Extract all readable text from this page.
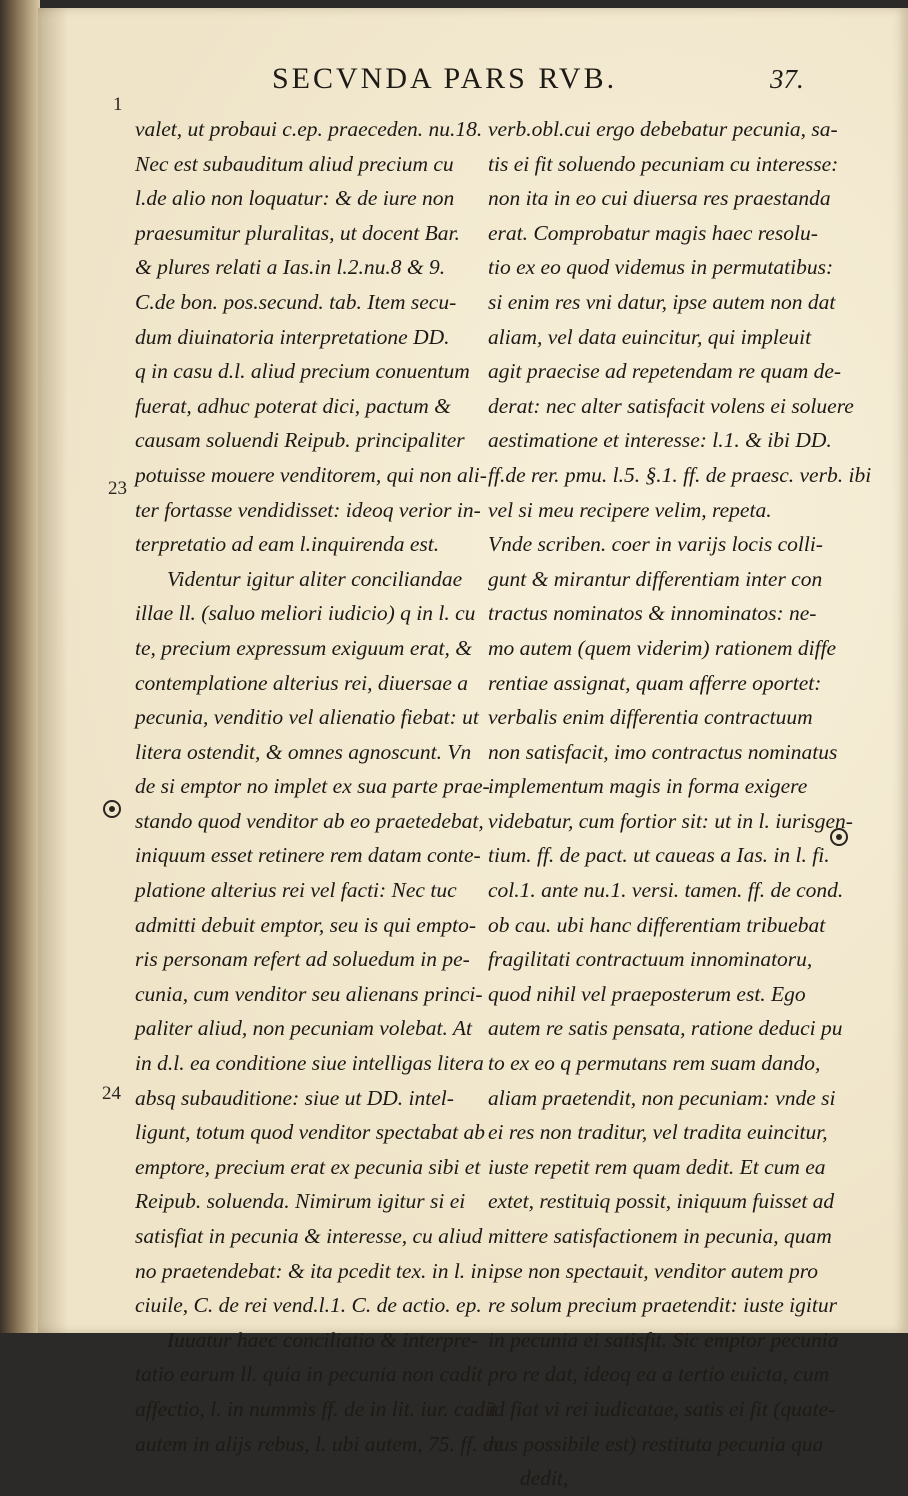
SECVNDA PARS RVB.	37.
1
23
24
valet, ut probaui c.ep. praeceden. nu.18.
Nec est subauditum aliud precium cu
l.de alio non loquatur: & de iure non
praesumitur pluralitas, ut docent Bar.
& plures relati a Ias.in l.2.nu.8 & 9.
C.de bon. pos.secund. tab. Item secu-
dum diuinatoria interpretatione DD.
q in casu d.l. aliud precium conuentum
fuerat, adhuc poterat dici, pactum &
causam soluendi Reipub. principaliter
potuisse mouere venditorem, qui non ali-
ter fortasse vendidisset: ideoq verior in-
terpretatio ad eam l.inquirenda est.
Videntur igitur aliter conciliandae
illae ll. (saluo meliori iudicio) q in l. cu
te, precium expressum exiguum erat, &
contemplatione alterius rei, diuersae a
pecunia, venditio vel alienatio fiebat: ut
litera ostendit, & omnes agnoscunt. Vn
de si emptor no implet ex sua parte prae-
stando quod venditor ab eo praetedebat,
iniquum esset retinere rem datam conte-
platione alterius rei vel facti: Nec tuc
admitti debuit emptor, seu is qui empto-
ris personam refert ad soluedum in pe-
cunia, cum venditor seu alienans princi-
paliter aliud, non pecuniam volebat. At
in d.l. ea conditione siue intelligas litera
absq subauditione: siue ut DD. intel-
ligunt, totum quod venditor spectabat ab
emptore, precium erat ex pecunia sibi et
Reipub. soluenda. Nimirum igitur si ei
satisfiat in pecunia & interesse, cu aliud
no praetendebat: & ita pcedit tex. in l. in
ciuile, C. de rei vend.l.1. C. de actio. ep.
Iuuatur haec conciliatio & interpre-
tatio earum ll. quia in pecunia non cadit
affectio, l. in nummis ff. de in lit. iur. cadit
autem in alijs rebus, l. ubi autem, 75. ff. de
verb.obl.cui ergo debebatur pecunia, sa-
tis ei fit soluendo pecuniam cu interesse:
non ita in eo cui diuersa res praestanda
erat. Comprobatur magis haec resolu-
tio ex eo quod videmus in permutatibus:
si enim res vni datur, ipse autem non dat
aliam, vel data euincitur, qui impleuit
agit praecise ad repetendam re quam de-
derat: nec alter satisfacit volens ei soluere
aestimatione et interesse: l.1. & ibi DD.
ff.de rer. pmu. l.5. §.1. ff. de praesc. verb. ibi
vel si meu recipere velim, repeta.
Vnde scriben. coer in varijs locis colli-
gunt & mirantur differentiam inter con
tractus nominatos & innominatos: ne-
mo autem (quem viderim) rationem diffe
rentiae assignat, quam afferre oportet:
verbalis enim differentia contractuum
non satisfacit, imo contractus nominatus
implementum magis in forma exigere
videbatur, cum fortior sit: ut in l. iurisgen-
tium. ff. de pact. ut caueas a Ias. in l. fi.
col.1. ante nu.1. versi. tamen. ff. de cond.
ob cau. ubi hanc differentiam tribuebat
fragilitati contractuum innominatoru,
quod nihil vel praeposterum est. Ego
autem re satis pensata, ratione deduci pu
to ex eo q permutans rem suam dando,
aliam praetendit, non pecuniam: vnde si
ei res non traditur, vel tradita euincitur,
iuste repetit rem quam dedit. Et cum ea
extet, restituiq possit, iniquum fuisset ad
mittere satisfactionem in pecunia, quam
ipse non spectauit, venditor autem pro
re solum precium praetendit: iuste igitur
in pecunia ei satisfit. Sic emptor pecunia
pro re dat, ideoq ea a tertio euicta, cum
id fiat vi rei iudicatae, satis ei fit (quate-
nus possibile est) restituta pecunia qua
dedit,
